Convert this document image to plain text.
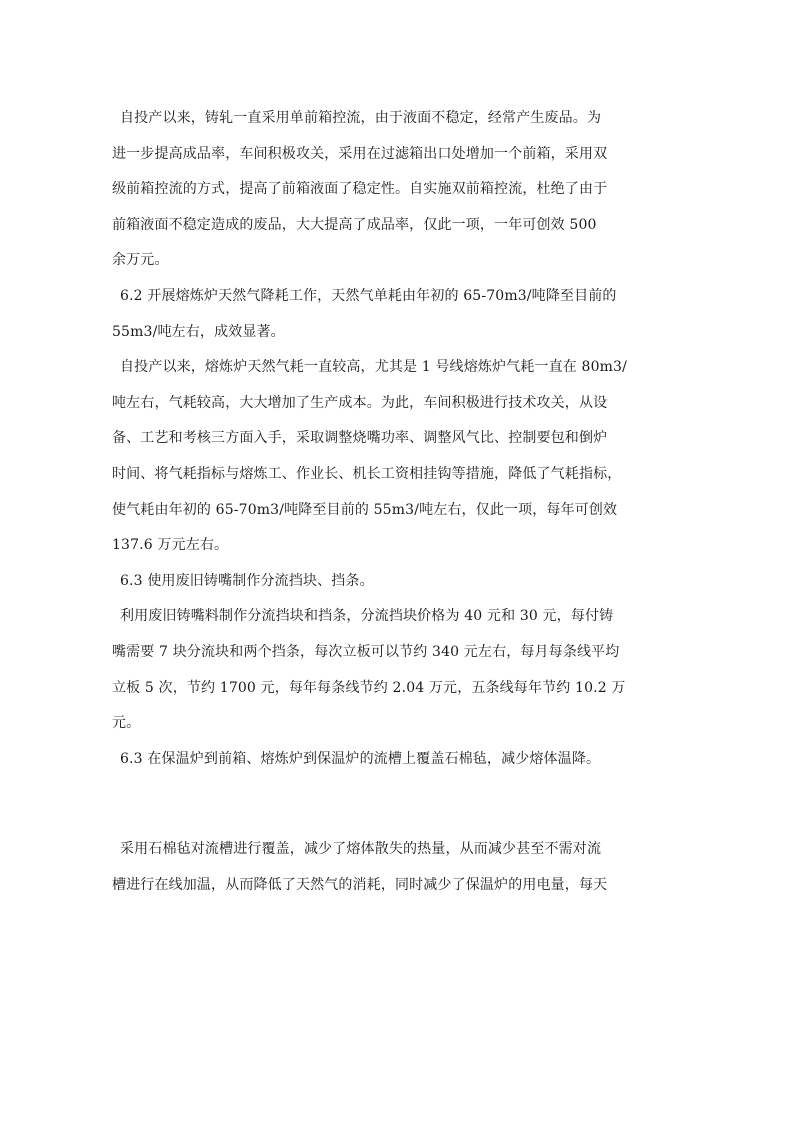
自投产以来，铸轧一直采用单前箱控流，由于液面不稳定，经常产生废品。为
进一步提高成品率，车间积极攻关，采用在过滤箱出口处增加一个前箱，采用双
级前箱控流的方式，提高了前箱液面了稳定性。自实施双前箱控流，杜绝了由于
前箱液面不稳定造成的废品，大大提高了成品率，仅此一项，一年可创效 500
余万元。
6.2 开展熔炼炉天然气降耗工作，天然气单耗由年初的 65-70m3/吨降至目前的
55m3/吨左右，成效显著。
自投产以来，熔炼炉天然气耗一直较高，尤其是 1 号线熔炼炉气耗一直在 80m3/
吨左右，气耗较高，大大增加了生产成本。为此，车间积极进行技术攻关，从设
备、工艺和考核三方面入手，采取调整烧嘴功率、调整风气比、控制要包和倒炉
时间、将气耗指标与熔炼工、作业长、机长工资相挂钩等措施，降低了气耗指标，
使气耗由年初的 65-70m3/吨降至目前的 55m3/吨左右，仅此一项，每年可创效
137.6 万元左右。
6.3 使用废旧铸嘴制作分流挡块、挡条。
利用废旧铸嘴料制作分流挡块和挡条，分流挡块价格为 40 元和 30 元，每付铸
嘴需要 7 块分流块和两个挡条，每次立板可以节约 340 元左右，每月每条线平均
立板 5 次，节约 1700 元，每年每条线节约 2.04 万元，五条线每年节约 10.2 万
元。
6.3 在保温炉到前箱、熔炼炉到保温炉的流槽上覆盖石棉毡，减少熔体温降。
采用石棉毡对流槽进行覆盖，减少了熔体散失的热量，从而减少甚至不需对流
槽进行在线加温，从而降低了天然气的消耗，同时减少了保温炉的用电量，每天
